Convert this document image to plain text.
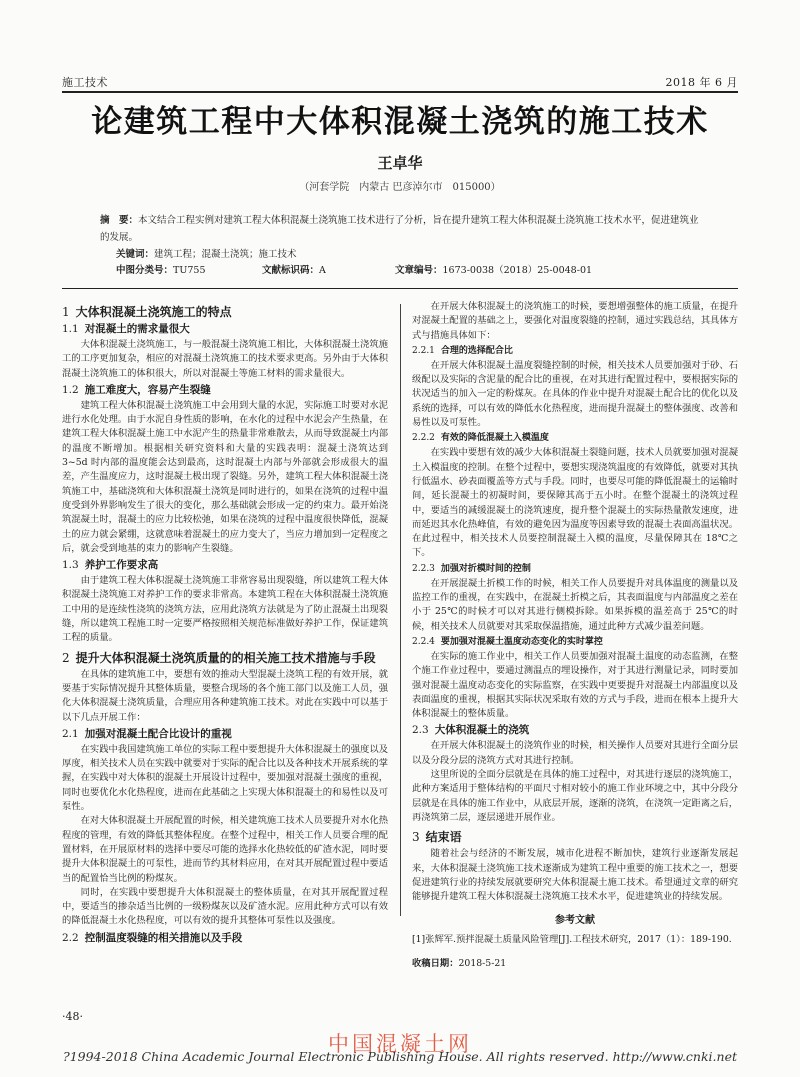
施工技术	2018 年 6 月
论建筑工程中大体积混凝土浇筑的施工技术
王卓华
（河套学院　内蒙古 巴彦淖尔市　015000）
摘　要：本文结合工程实例对建筑工程大体积混凝土浇筑施工技术进行了分析，旨在提升建筑工程大体积混凝土浇筑施工技术水平，促进建筑业的发展。
关键词：建筑工程；混凝土浇筑；施工技术
中图分类号：TU755	文献标识码：A	文章编号：1673-0038（2018）25-0048-01
1 大体积混凝土浇筑施工的特点
1.1 对混凝土的需求量很大

大体积混凝土浇筑施工，与一般混凝土浇筑施工相比，大体积混凝土浇筑施工的工序更加复杂，相应的对混凝土浇筑施工的技术要求更高。另外由于大体积混凝土浇筑施工的体积很大，所以对混凝土等施工材料的需求量很大。

1.2 施工难度大，容易产生裂缝

建筑工程大体积混凝土浇筑施工中会用到大量的水泥，实际施工时要对水泥进行水化处理。由于水泥自身性质的影响，在水化的过程中水泥会产生热量，在建筑工程大体积混凝土施工中水泥产生的热量非常难散去，从而导致混凝土内部的温度不断增加。根据相关研究资料和大量的实践表明：混凝土浇筑达到 3~5d 时内部的温度能会达到最高，这时混凝土内部与外部就会形成很大的温差，产生温度应力，这时混凝土极出现了裂缝。另外，建筑工程大体积混凝土浇筑施工中，基础浇筑和大体积混凝土浇筑是同时进行的，如果在浇筑的过程中温度受到外界影响发生了很大的变化，那么基础就会形成一定的约束力。最开始浇筑混凝土时，混凝土的应力比较松弛，如果在浇筑的过程中温度很快降低，混凝土的应力就会紧绷，这就意味着混凝土的应力变大了，当应力增加到一定程度之后，就会受到地基的束力的影响产生裂缝。

1.3 养护工作要求高

由于建筑工程大体积混凝土浇筑施工非常容易出现裂缝，所以建筑工程大体积混凝土浇筑施工对养护工作的要求非常高。本建筑工程在大体积混凝土浇筑施工中用的是连续性浇筑的浇筑方法，应用此浇筑方法就是为了防止混凝土出现裂缝，所以建筑工程施工时一定要严格按照相关规范标准做好养护工作，保证建筑工程的质量。

2 提升大体积混凝土浇筑质量的的相关施工技术措施与手段

在具体的建筑施工中，要想有效的推动大型混凝土浇筑工程的有效开展，就要基于实际情况提升其整体质量，要整合现场的各个施工部门以及施工人员，强化大体积混凝土浇筑质量，合理应用各种建筑施工技术。对此在实践中可以基于以下几点开展工作：

2.1 加强对混凝土配合比设计的重视

在实践中我国建筑施工单位的实际工程中要想提升大体积混凝土的强度以及厚度，相关技术人员在实践中就要对于实际的配合比以及各种技术开展系统的掌握，在实践中对大体积的混凝土开展设计过程中，要加强对混凝土强度的重视，同时也要优化水化热程度，进而在此基础之上实现大体积混凝土的和易性以及可泵性。

在对大体积混凝土开展配置的时候，相关建筑施工技术人员要提升对水化热程度的管理，有效的降低其整体程度。在整个过程中，相关工作人员要合理的配置材料，在开展原材料的选择中要尽可能的选择水化热较低的矿渣水泥，同时要提升大体积混凝土的可泵性，进而节约其材料应用，在对其开展配置过程中要适当的配置恰当比例的粉煤灰。

同时，在实践中要想提升大体积混凝土的整体质量，在对其开展配置过程中，要适当的掺杂适当比例的一级粉煤灰以及矿渣水泥。应用此种方式可以有效的降低混凝土水化热程度，可以有效的提升其整体可泵性以及强度。

2.2 控制温度裂缝的相关措施以及手段

在开展大体积混凝土的浇筑施工的时候，要想增强整体的施工质量，在提升对混凝土配置的基础之上，要强化对温度裂缝的控制，通过实践总结，其具体方式与措施具体如下：

2.2.1 合理的选择配合比

在开展大体积混凝土温度裂缝控制的时候，相关技术人员要加强对于砂、石级配以及实际的含泥量的配合比的重视，在对其进行配置过程中，要根据实际的状况适当的加入一定的粉煤灰。在具体的作业中提升对混凝土配合比的优化以及系统的选择，可以有效的降低水化热程度，进而提升混凝土的整体强度、改善和易性以及可泵性。

2.2.2 有效的降低混凝土入模温度

在实践中要想有效的减少大体积混凝土裂缝问题，技术人员就要加强对混凝土入模温度的控制。在整个过程中，要想实现浇筑温度的有效降低，就要对其执行低温水、砂表面覆盖等方式与手段。同时，也要尽可能的降低混凝土的运输时间，延长混凝土的初凝时间，要保障其高于五小时。在整个混凝土的浇筑过程中，要适当的减缓混凝土的浇筑速度，提升整个混凝土的实际热量散发速度，进而延迟其水化热峰值，有效的避免因为温度等因素导致的混凝土表面高温状况。在此过程中，相关技术人员要控制混凝土入模的温度，尽量保障其在 18℃之下。

2.2.3 加强对折模时间的控制

在开展混凝土折模工作的时候，相关工作人员要提升对具体温度的测量以及监控工作的重视，在实践中，在混凝土折模之后，其表面温度与内部温度之差在小于 25℃的时候才可以对其进行侧模拆除。如果拆模的温差高于 25℃的时候，相关技术人员就要对其采取保温措施，通过此种方式减少温差问题。

2.2.4 要加强对混凝土温度动态变化的实时掌控

在实际的施工作业中，相关工作人员要加强对混凝土温度的动态监测，在整个施工作业过程中，要通过测温点的埋设操作，对于其进行测量记录，同时要加强对混凝土温度动态变化的实际监察，在实践中更要提升对混凝土内部温度以及表面温度的重视，根据其实际状况采取有效的方式与手段，进而在根本上提升大体积混凝土的整体质量。

2.3 大体积混凝土的浇筑

在开展大体积混凝土的浇筑作业的时候，相关操作人员要对其进行全面分层以及分段分层的浇筑方式对其进行控制。

这里所说的全面分层就是在具体的施工过程中，对其进行逐层的浇筑施工，此种方案适用于整体结构的平面尺寸相对较小的施工作业环境之中，其中分段分层就是在具体的施工作业中，从底层开展，逐渐的浇筑，在浇筑一定距离之后，再浇筑第二层，逐层递进开展作业。

3 结束语

随着社会与经济的不断发展，城市化进程不断加快，建筑行业逐渐发展起来，大体积混凝土浇筑施工技术逐渐成为建筑工程中重要的施工技术之一，想要促进建筑行业的持续发展就要研究大体积混凝土施工技术。希望通过文章的研究能够提升建筑工程大体积混凝土浇筑施工技术水平，促进建筑业的持续发展。

参考文献

[1]张辉军.预拌混凝土质量风险管理[J].工程技术研究，2017（1）：189-190.

收稿日期：2018-5-21

·48·
中国混凝土网
?1994-2018 China Academic Journal Electronic Publishing House. All rights reserved. http://www.cnki.net
